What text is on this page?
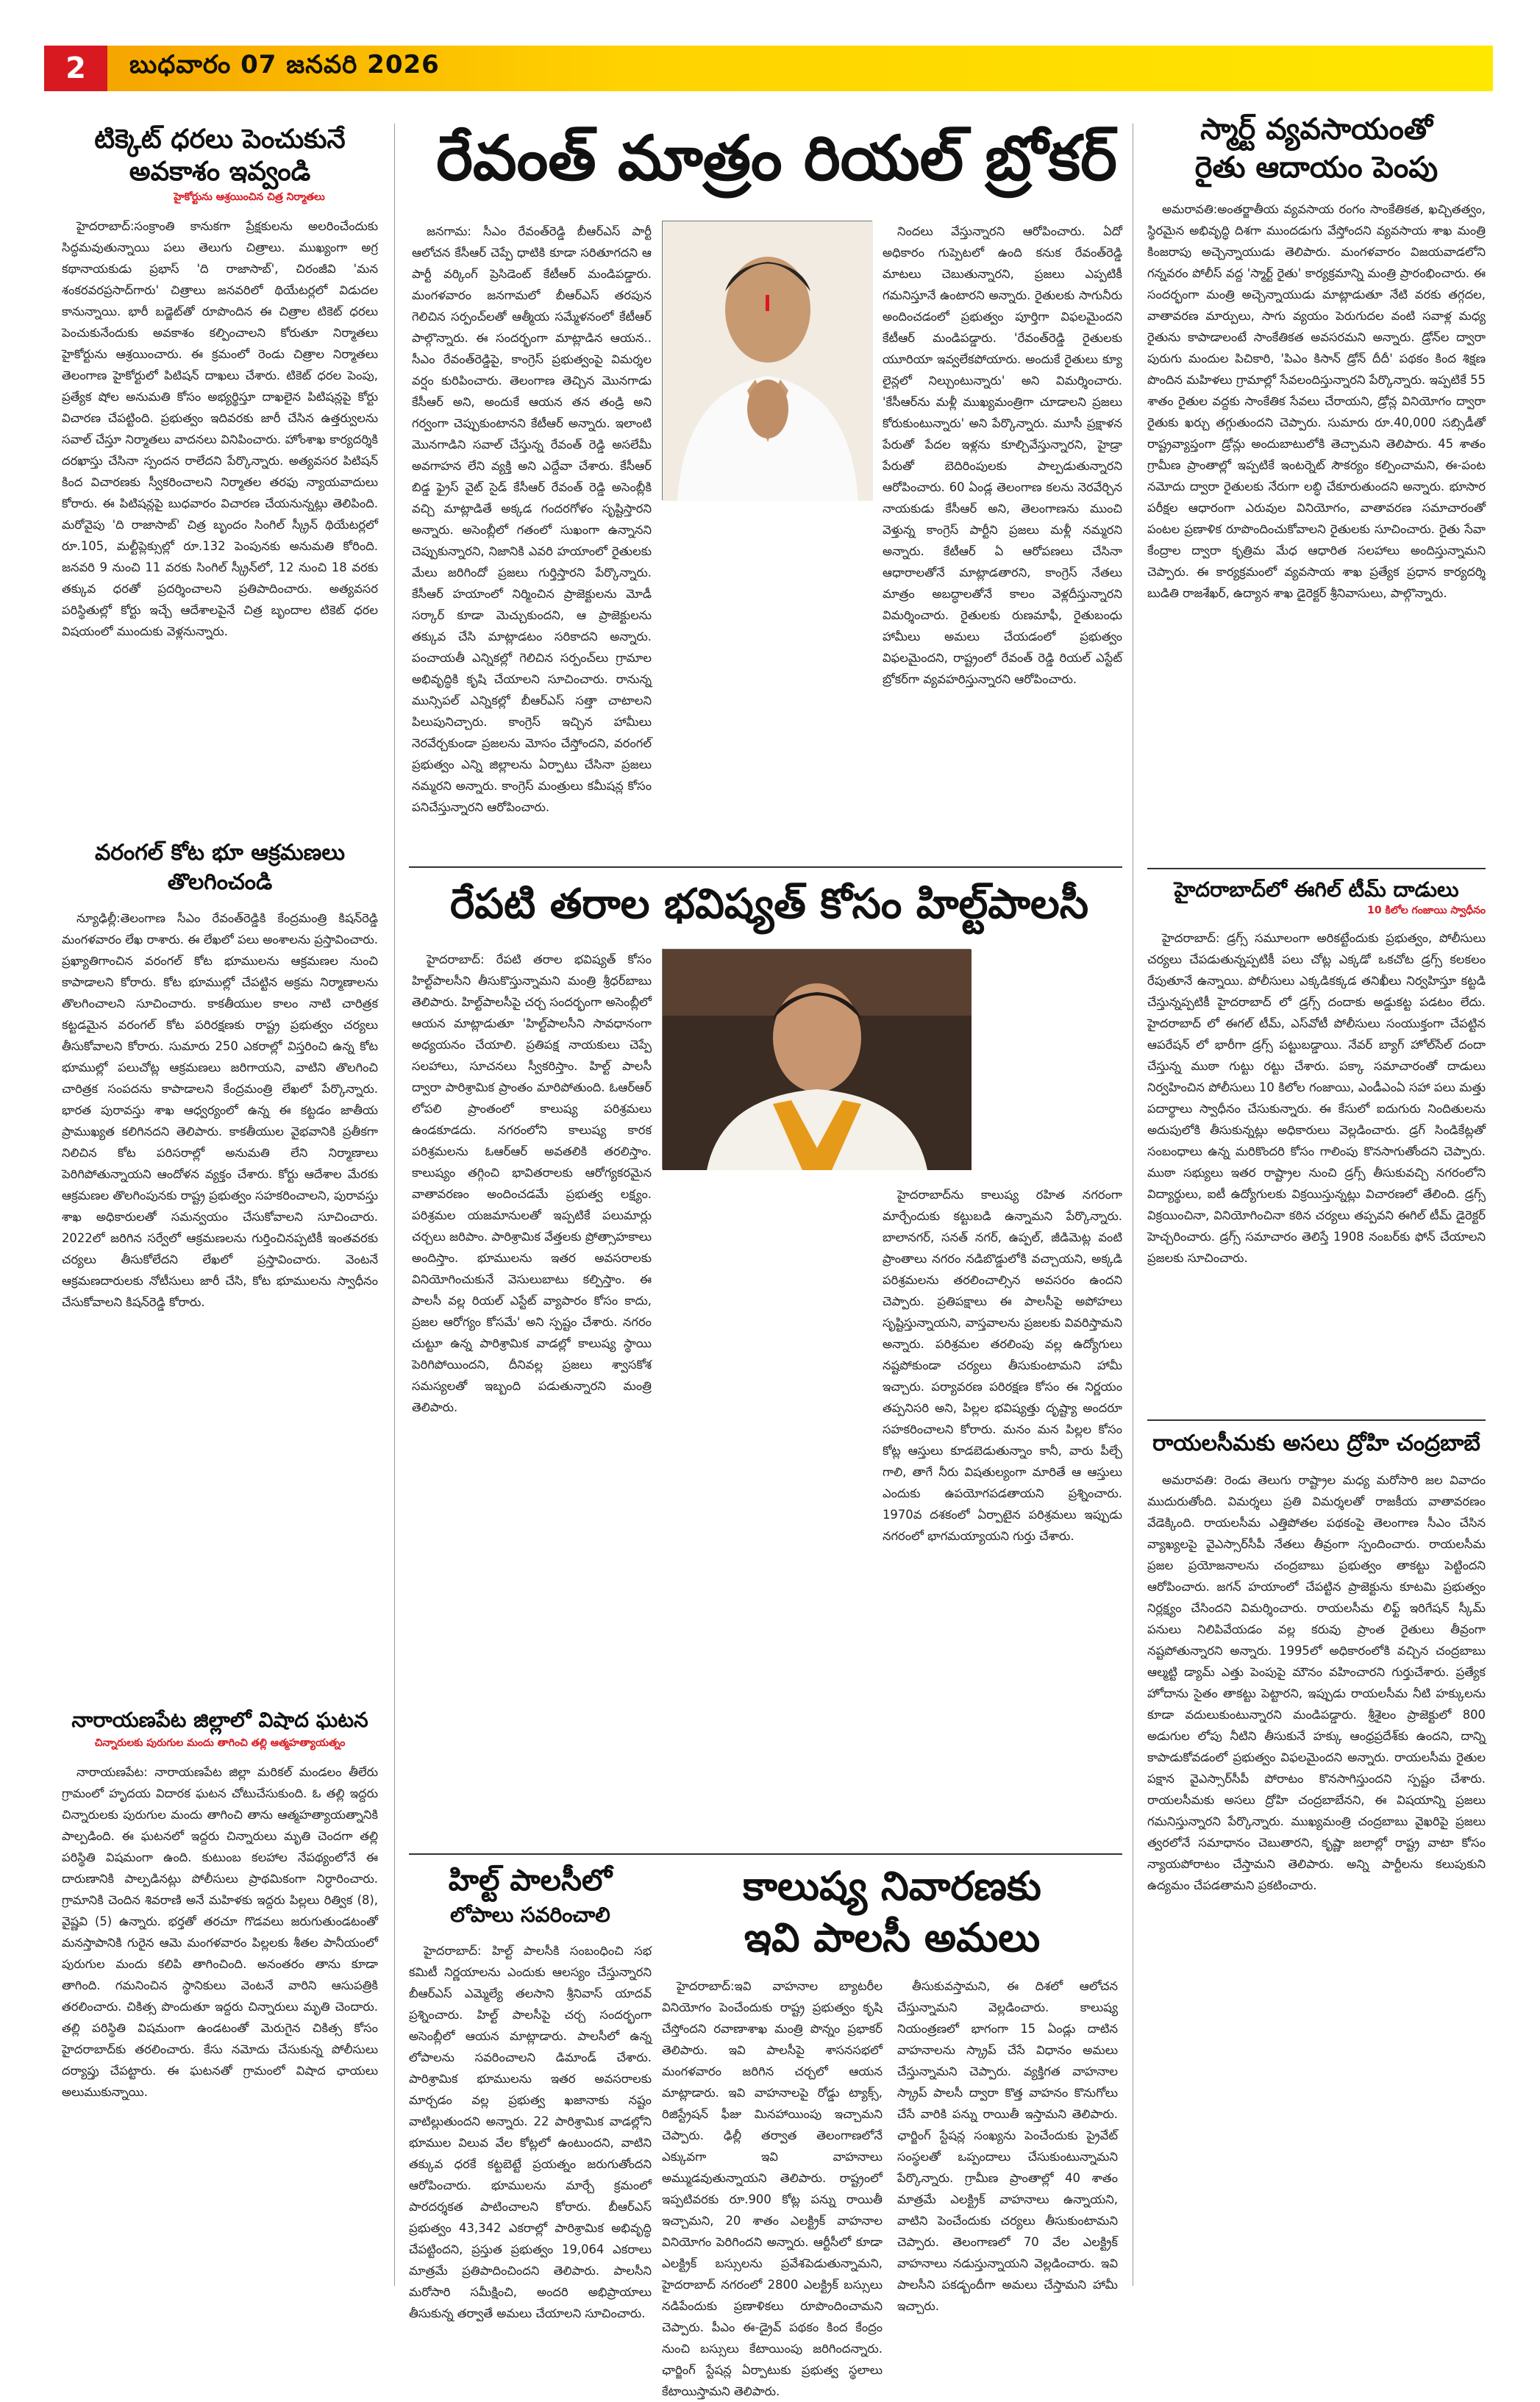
2	బుధవారం 07 జనవరి 2026
టిక్కెట్ ధరలు పెంచుకునే
అవకాశం ఇవ్వండి
హైకోర్టును ఆశ్రయించిన చిత్ర నిర్మాతలు

హైదరాబాద్:సంక్రాంతి కానుకగా ప్రేక్షకులను అలరించేందుకు సిద్ధమవుతున్నాయి పలు తెలుగు చిత్రాలు. ముఖ్యంగా అగ్ర కథానాయకుడు ప్రభాస్ 'ది రాజాసాబ్', చిరంజీవి 'మన శంకరవరప్రసాద్‌గారు' చిత్రాలు జనవరిలో థియేటర్లలో విడుదల కానున్నాయి. భారీ బడ్జెట్‌తో రూపొందిన ఈ చిత్రాల టికెట్ ధరలు పెంచుకునేందుకు అవకాశం కల్పించాలని కోరుతూ నిర్మాతలు హైకోర్టును ఆశ్రయించారు. ఈ క్రమంలో రెండు చిత్రాల నిర్మాతలు తెలంగాణ హైకోర్టులో పిటిషన్ దాఖలు చేశారు. టికెట్ ధరల పెంపు, ప్రత్యేక షోల అనుమతి కోసం అభ్యర్థిస్తూ దాఖలైన పిటిషన్లపై కోర్టు విచారణ చేపట్టింది. ప్రభుత్వం ఇదివరకు జారీ చేసిన ఉత్తర్వులను సవాల్ చేస్తూ నిర్మాతలు వాదనలు వినిపించారు. హోంశాఖ కార్యదర్శికి దరఖాస్తు చేసినా స్పందన రాలేదని పేర్కొన్నారు. అత్యవసర పిటిషన్ కింద విచారణకు స్వీకరించాలని నిర్మాతల తరఫు న్యాయవాదులు కోరారు. ఈ పిటిషన్లపై బుధవారం విచారణ చేయనున్నట్లు తెలిపింది. మరోవైపు 'ది రాజాసాబ్' చిత్ర బృందం సింగిల్ స్క్రీన్ థియేటర్లలో రూ.105, మల్టీప్లెక్సుల్లో రూ.132 పెంపునకు అనుమతి కోరింది. జనవరి 9 నుంచి 11 వరకు సింగిల్ స్క్రీన్‌లో, 12 నుంచి 18 వరకు తక్కువ ధరతో ప్రదర్శించాలని ప్రతిపాదించారు. అత్యవసర పరిస్థితుల్లో కోర్టు ఇచ్చే ఆదేశాలపైనే చిత్ర బృందాల టికెట్ ధరల విషయంలో ముందుకు వెళ్లనున్నారు.

వరంగల్ కోట భూ ఆక్రమణలు
తొలగించండి

న్యూఢిల్లీ:తెలంగాణ సీఎం రేవంత్‌రెడ్డికి కేంద్రమంత్రి కిషన్‌రెడ్డి మంగళవారం లేఖ రాశారు. ఈ లేఖలో పలు అంశాలను ప్రస్తావించారు. ప్రఖ్యాతిగాంచిన వరంగల్ కోట భూములను ఆక్రమణల నుంచి కాపాడాలని కోరారు. కోట భూముల్లో చేపట్టిన అక్రమ నిర్మాణాలను తొలగించాలని సూచించారు. కాకతీయుల కాలం నాటి చారిత్రక కట్టడమైన వరంగల్ కోట పరిరక్షణకు రాష్ట్ర ప్రభుత్వం చర్యలు తీసుకోవాలని కోరారు. సుమారు 250 ఎకరాల్లో విస్తరించి ఉన్న కోట భూముల్లో పలుచోట్ల ఆక్రమణలు జరిగాయని, వాటిని తొలగించి చారిత్రక సంపదను కాపాడాలని కేంద్రమంత్రి లేఖలో పేర్కొన్నారు. భారత పురావస్తు శాఖ ఆధ్వర్యంలో ఉన్న ఈ కట్టడం జాతీయ ప్రాముఖ్యత కలిగినదని తెలిపారు. కాకతీయుల వైభవానికి ప్రతీకగా నిలిచిన కోట పరిసరాల్లో అనుమతి లేని నిర్మాణాలు పెరిగిపోతున్నాయని ఆందోళన వ్యక్తం చేశారు. కోర్టు ఆదేశాల మేరకు ఆక్రమణల తొలగింపునకు రాష్ట్ర ప్రభుత్వం సహకరించాలని, పురావస్తు శాఖ అధికారులతో సమన్వయం చేసుకోవాలని సూచించారు. 2022లో జరిగిన సర్వేలో ఆక్రమణలను గుర్తించినప్పటికీ ఇంతవరకు చర్యలు తీసుకోలేదని లేఖలో ప్రస్తావించారు. వెంటనే ఆక్రమణదారులకు నోటీసులు జారీ చేసి, కోట భూములను స్వాధీనం చేసుకోవాలని కిషన్‌రెడ్డి కోరారు.

నారాయణపేట జిల్లాలో విషాద ఘటన
చిన్నారులకు పురుగుల మందు తాగించి తల్లి ఆత్మహత్యాయత్నం

నారాయణపేట: నారాయణపేట జిల్లా మరికల్ మండలం తీలేరు గ్రామంలో హృదయ విదారక ఘటన చోటుచేసుకుంది. ఓ తల్లి ఇద్దరు చిన్నారులకు పురుగుల మందు తాగించి తాను ఆత్మహత్యాయత్నానికి పాల్పడింది. ఈ ఘటనలో ఇద్దరు చిన్నారులు మృతి చెందగా తల్లి పరిస్థితి విషమంగా ఉంది. కుటుంబ కలహాల నేపథ్యంలోనే ఈ దారుణానికి పాల్పడినట్లు పోలీసులు ప్రాథమికంగా నిర్ధారించారు. గ్రామానికి చెందిన శివరాణి అనే మహిళకు ఇద్దరు పిల్లలు రిత్విక (8), వైష్ణవి (5) ఉన్నారు. భర్తతో తరచూ గొడవలు జరుగుతుండటంతో మనస్తాపానికి గురైన ఆమె మంగళవారం పిల్లలకు శీతల పానీయంలో పురుగుల మందు కలిపి తాగించింది. అనంతరం తాను కూడా తాగింది. గమనించిన స్థానికులు వెంటనే వారిని ఆసుపత్రికి తరలించారు. చికిత్స పొందుతూ ఇద్దరు చిన్నారులు మృతి చెందారు. తల్లి పరిస్థితి విషమంగా ఉండటంతో మెరుగైన చికిత్స కోసం హైదరాబాద్‌కు తరలించారు. కేసు నమోదు చేసుకున్న పోలీసులు దర్యాప్తు చేపట్టారు. ఈ ఘటనతో గ్రామంలో విషాద ఛాయలు అలుముకున్నాయి.

రేవంత్ మాత్రం రియల్ బ్రోకర్

జనగామ: సీఎం రేవంత్‌రెడ్డి బీఆర్ఎస్ పార్టీ ఆలోచన కేసీఆర్ చెప్పే ధాటికి కూడా సరితూగదని ఆ పార్టీ వర్కింగ్ ప్రెసిడెంట్ కేటీఆర్ మండిపడ్డారు. మంగళవారం జనగామలో బీఆర్ఎస్ తరపున గెలిచిన సర్పంచ్‌లతో ఆత్మీయ సమ్మేళనంలో కేటీఆర్ పాల్గొన్నారు. ఈ సందర్భంగా మాట్లాడిన ఆయన.. సీఎం రేవంత్‌రెడ్డిపై, కాంగ్రెస్ ప్రభుత్వంపై విమర్శల వర్షం కురిపించారు. తెలంగాణ తెచ్చిన మొనగాడు కేసీఆర్ అని, అందుకే ఆయన తన తండ్రి అని గర్వంగా చెప్పుకుంటానని కేటీఆర్ అన్నారు. ఇలాంటి మొనగాడిని సవాల్ చేస్తున్న రేవంత్ రెడ్డి అసలేమీ అవగాహన లేని వ్యక్తి అని ఎద్దేవా చేశారు. కేసీఆర్ బిడ్డ ఫ్రైస్ వైట్ సైడ్ కేసీఆర్ రేవంత్ రెడ్డి అసెంబ్లీకి వచ్చి మాట్లాడితే అక్కడ గందరగోళం సృష్టిస్తారని అన్నారు. అసెంబ్లీలో గతంలో సుఖంగా ఉన్నానని చెప్పుకున్నారని, నిజానికి ఎవరి హయాంలో రైతులకు మేలు జరిగిందో ప్రజలు గుర్తిస్తారని పేర్కొన్నారు. కేసీఆర్ హయాంలో నిర్మించిన ప్రాజెక్టులను మోడీ సర్కార్ కూడా మెచ్చుకుందని, ఆ ప్రాజెక్టులను తక్కువ చేసి మాట్లాడటం సరికాదని అన్నారు. పంచాయతీ ఎన్నికల్లో గెలిచిన సర్పంచ్‌లు గ్రామాల అభివృద్ధికి కృషి చేయాలని సూచించారు. రానున్న మున్సిపల్ ఎన్నికల్లో బీఆర్ఎస్ సత్తా చాటాలని పిలుపునిచ్చారు. కాంగ్రెస్ ఇచ్చిన హామీలు నెరవేర్చకుండా ప్రజలను మోసం చేస్తోందని, వరంగల్ ప్రభుత్వం ఎన్ని జిల్లాలను ఏర్పాటు చేసినా ప్రజలు నమ్మరని అన్నారు. కాంగ్రెస్ మంత్రులు కమీషన్ల కోసం పనిచేస్తున్నారని ఆరోపించారు.

నిందలు వేస్తున్నారని ఆరోపించారు. ఏదో అధికారం గుప్పెటలో ఉంది కనుక రేవంత్‌రెడ్డి మాటలు చెబుతున్నారని, ప్రజలు ఎప్పటికీ గమనిస్తూనే ఉంటారని అన్నారు. రైతులకు సాగునీరు అందించడంలో ప్రభుత్వం పూర్తిగా విఫలమైందని కేటీఆర్ మండిపడ్డారు. 'రేవంత్‌రెడ్డి రైతులకు యూరియా ఇవ్వలేకపోయారు. అందుకే రైతులు క్యూ లైన్లలో నిల్చుంటున్నారు' అని విమర్శించారు. 'కేసీఆర్‌ను మళ్లీ ముఖ్యమంత్రిగా చూడాలని ప్రజలు కోరుకుంటున్నారు' అని పేర్కొన్నారు. మూసీ ప్రక్షాళన పేరుతో పేదల ఇళ్లను కూల్చివేస్తున్నారని, హైడ్రా పేరుతో బెదిరింపులకు పాల్పడుతున్నారని ఆరోపించారు. 60 ఏండ్ల తెలంగాణ కలను నెరవేర్చిన నాయకుడు కేసీఆర్ అని, తెలంగాణను ముంచి వెళ్తున్న కాంగ్రెస్ పార్టీని ప్రజలు మళ్లీ నమ్మరని అన్నారు. కేటీఆర్ ఏ ఆరోపణలు చేసినా ఆధారాలతోనే మాట్లాడతారని, కాంగ్రెస్ నేతలు మాత్రం అబద్ధాలతోనే కాలం వెళ్లదీస్తున్నారని విమర్శించారు. రైతులకు రుణమాఫీ, రైతుబంధు హామీలు అమలు చేయడంలో ప్రభుత్వం విఫలమైందని, రాష్ట్రంలో రేవంత్ రెడ్డి రియల్ ఎస్టేట్ బ్రోకర్‌గా వ్యవహరిస్తున్నారని ఆరోపించారు.

రేపటి తరాల భవిష్యత్ కోసం హిల్ట్‌పాలసీ

హైదరాబాద్: రేపటి తరాల భవిష్యత్ కోసం హిల్ట్‌పాలసీని తీసుకొస్తున్నామని మంత్రి శ్రీధర్‌బాబు తెలిపారు. హిల్ట్‌పాలసీపై చర్చ సందర్భంగా అసెంబ్లీలో ఆయన మాట్లాడుతూ 'హిల్ట్‌పాలసీని సావధానంగా అధ్యయనం చేయాలి. ప్రతిపక్ష నాయకులు చెప్పే సలహాలు, సూచనలు స్వీకరిస్తాం. హిల్ట్ పాలసీ ద్వారా పారిశ్రామిక ప్రాంతం మారిపోతుంది. ఓఆర్‌ఆర్ లోపలి ప్రాంతంలో కాలుష్య పరిశ్రమలు ఉండకూడదు. నగరంలోని కాలుష్య కారక పరిశ్రమలను ఓఆర్‌ఆర్ అవతలికి తరలిస్తాం. కాలుష్యం తగ్గించి భావితరాలకు ఆరోగ్యకరమైన వాతావరణం అందించడమే ప్రభుత్వ లక్ష్యం. పరిశ్రమల యజమానులతో ఇప్పటికే పలుమార్లు చర్చలు జరిపాం. పారిశ్రామిక వేత్తలకు ప్రోత్సాహకాలు అందిస్తాం. భూములను ఇతర అవసరాలకు వినియోగించుకునే వెసులుబాటు కల్పిస్తాం. ఈ పాలసీ వల్ల రియల్ ఎస్టేట్ వ్యాపారం కోసం కాదు, ప్రజల ఆరోగ్యం కోసమే' అని స్పష్టం చేశారు. నగరం చుట్టూ ఉన్న పారిశ్రామిక వాడల్లో కాలుష్య స్థాయి పెరిగిపోయిందని, దీనివల్ల ప్రజలు శ్వాసకోశ సమస్యలతో ఇబ్బంది పడుతున్నారని మంత్రి తెలిపారు.

హైదరాబాద్‌ను కాలుష్య రహిత నగరంగా మార్చేందుకు కట్టుబడి ఉన్నామని పేర్కొన్నారు. బాలానగర్, సనత్ నగర్, ఉప్పల్, జీడిమెట్ల వంటి ప్రాంతాలు నగరం నడిబొడ్డులోకి వచ్చాయని, అక్కడి పరిశ్రమలను తరలించాల్సిన అవసరం ఉందని చెప్పారు. ప్రతిపక్షాలు ఈ పాలసీపై అపోహలు సృష్టిస్తున్నాయని, వాస్తవాలను ప్రజలకు వివరిస్తామని అన్నారు. పరిశ్రమల తరలింపు వల్ల ఉద్యోగులు నష్టపోకుండా చర్యలు తీసుకుంటామని హామీ ఇచ్చారు. పర్యావరణ పరిరక్షణ కోసం ఈ నిర్ణయం తప్పనిసరి అని, పిల్లల భవిష్యత్తు దృష్ట్యా అందరూ సహకరించాలని కోరారు. మనం మన పిల్లల కోసం కోట్ల ఆస్తులు కూడబెడుతున్నాం కానీ, వారు పీల్చే గాలి, తాగే నీరు విషతుల్యంగా మారితే ఆ ఆస్తులు ఎందుకు ఉపయోగపడతాయని ప్రశ్నించారు. 1970వ దశకంలో ఏర్పాటైన పరిశ్రమలు ఇప్పుడు నగరంలో భాగమయ్యాయని గుర్తు చేశారు.

హిల్ట్ పాలసీలో
లోపాలు సవరించాలి

హైదరాబాద్: హిల్ట్ పాలసీకి సంబంధించి సభ కమిటీ నిర్ణయాలను ఎందుకు ఆలస్యం చేస్తున్నారని బీఆర్ఎస్ ఎమ్మెల్యే తలసాని శ్రీనివాస్ యాదవ్ ప్రశ్నించారు. హిల్ట్ పాలసీపై చర్చ సందర్భంగా అసెంబ్లీలో ఆయన మాట్లాడారు. పాలసీలో ఉన్న లోపాలను సవరించాలని డిమాండ్ చేశారు. పారిశ్రామిక భూములను ఇతర అవసరాలకు మార్చడం వల్ల ప్రభుత్వ ఖజానాకు నష్టం వాటిల్లుతుందని అన్నారు. 22 పారిశ్రామిక వాడల్లోని భూముల విలువ వేల కోట్లలో ఉంటుందని, వాటిని తక్కువ ధరకే కట్టబెట్టే ప్రయత్నం జరుగుతోందని ఆరోపించారు. భూములను మార్చే క్రమంలో పారదర్శకత పాటించాలని కోరారు. బీఆర్ఎస్ ప్రభుత్వం 43,342 ఎకరాల్లో పారిశ్రామిక అభివృద్ధి చేపట్టిందని, ప్రస్తుత ప్రభుత్వం 19,064 ఎకరాలు మాత్రమే ప్రతిపాదించిందని తెలిపారు. పాలసీని మరోసారి సమీక్షించి, అందరి అభిప్రాయాలు తీసుకున్న తర్వాతే అమలు చేయాలని సూచించారు.

కాలుష్య నివారణకు
ఇవి పాలసీ అమలు

హైదరాబాద్:ఇవి వాహనాల బ్యాటరీల వినియోగం పెంచేందుకు రాష్ట్ర ప్రభుత్వం కృషి చేస్తోందని రవాణాశాఖ మంత్రి పొన్నం ప్రభాకర్ తెలిపారు. ఇవి పాలసీపై శాసనసభలో మంగళవారం జరిగిన చర్చలో ఆయన మాట్లాడారు. ఇవి వాహనాలపై రోడ్డు ట్యాక్స్, రిజిస్ట్రేషన్ ఫీజు మినహాయింపు ఇచ్చామని చెప్పారు. ఢిల్లీ తర్వాత తెలంగాణలోనే ఎక్కువగా ఇవి వాహనాలు అమ్ముడవుతున్నాయని తెలిపారు. రాష్ట్రంలో ఇప్పటివరకు రూ.900 కోట్ల పన్ను రాయితీ ఇచ్చామని, 20 శాతం ఎలక్ట్రిక్ వాహనాల వినియోగం పెరిగిందని అన్నారు. ఆర్టీసీలో కూడా ఎలక్ట్రిక్ బస్సులను ప్రవేశపెడుతున్నామని, హైదరాబాద్ నగరంలో 2800 ఎలక్ట్రిక్ బస్సులు నడిపేందుకు ప్రణాళికలు రూపొందించామని చెప్పారు. పీఎం ఈ-డ్రైవ్ పథకం కింద కేంద్రం నుంచి బస్సులు కేటాయింపు జరిగిందన్నారు. ఛార్జింగ్ స్టేషన్ల ఏర్పాటుకు ప్రభుత్వ స్థలాలు కేటాయిస్తామని తెలిపారు.

తీసుకువస్తామని, ఈ దిశలో ఆలోచన చేస్తున్నామని వెల్లడించారు. కాలుష్య నియంత్రణలో భాగంగా 15 ఏండ్లు దాటిన వాహనాలను స్క్రాప్ చేసే విధానం అమలు చేస్తున్నామని చెప్పారు. వ్యక్తిగత వాహనాల స్క్రాప్ పాలసీ ద్వారా కొత్త వాహనం కొనుగోలు చేసే వారికి పన్ను రాయితీ ఇస్తామని తెలిపారు. ఛార్జింగ్ స్టేషన్ల సంఖ్యను పెంచేందుకు ప్రైవేట్ సంస్థలతో ఒప్పందాలు చేసుకుంటున్నామని పేర్కొన్నారు. గ్రామీణ ప్రాంతాల్లో 40 శాతం మాత్రమే ఎలక్ట్రిక్ వాహనాలు ఉన్నాయని, వాటిని పెంచేందుకు చర్యలు తీసుకుంటామని చెప్పారు. తెలంగాణలో 70 వేల ఎలక్ట్రిక్ వాహనాలు నడుస్తున్నాయని వెల్లడించారు. ఇవి పాలసీని పకడ్బందీగా అమలు చేస్తామని హామీ ఇచ్చారు.

స్మార్ట్ వ్యవసాయంతో
రైతు ఆదాయం పెంపు

అమరావతి:అంతర్జాతీయ వ్యవసాయ రంగం సాంకేతికత, ఖచ్చితత్వం, స్థిరమైన అభివృద్ధి దిశగా ముందడుగు వేస్తోందని వ్యవసాయ శాఖ మంత్రి కింజరాపు అచ్చెన్నాయుడు తెలిపారు. మంగళవారం విజయవాడలోని గన్నవరం పోలీస్ వద్ద 'స్మార్ట్ రైతు' కార్యక్రమాన్ని మంత్రి ప్రారంభించారు. ఈ సందర్భంగా మంత్రి అచ్చెన్నాయుడు మాట్లాడుతూ నేటి వరకు తగ్గదల, వాతావరణ మార్పులు, సాగు వ్యయం పెరుగుదల వంటి సవాళ్ల మధ్య రైతును కాపాడాలంటే సాంకేతికత అవసరమని అన్నారు. డ్రోన్‌ల ద్వారా పురుగు మందుల పిచికారి, 'పిఎం కిసాన్ డ్రోన్ దీదీ' పథకం కింద శిక్షణ పొందిన మహిళలు గ్రామాల్లో సేవలందిస్తున్నారని పేర్కొన్నారు. ఇప్పటికే 55 శాతం రైతుల వద్దకు సాంకేతిక సేవలు చేరాయని, డ్రోన్ల వినియోగం ద్వారా రైతుకు ఖర్చు తగ్గుతుందని చెప్పారు. సుమారు రూ.40,000 సబ్సిడీతో రాష్ట్రవ్యాప్తంగా డ్రోన్లు అందుబాటులోకి తెచ్చామని తెలిపారు. 45 శాతం గ్రామీణ ప్రాంతాల్లో ఇప్పటికే ఇంటర్నెట్ సౌకర్యం కల్పించామని, ఈ-పంట నమోదు ద్వారా రైతులకు నేరుగా లబ్ధి చేకూరుతుందని అన్నారు. భూసార పరీక్షల ఆధారంగా ఎరువుల వినియోగం, వాతావరణ సమాచారంతో పంటల ప్రణాళిక రూపొందించుకోవాలని రైతులకు సూచించారు. రైతు సేవా కేంద్రాల ద్వారా కృత్రిమ మేధ ఆధారిత సలహాలు అందిస్తున్నామని చెప్పారు. ఈ కార్యక్రమంలో వ్యవసాయ శాఖ ప్రత్యేక ప్రధాన కార్యదర్శి బుడితి రాజశేఖర్, ఉద్యాన శాఖ డైరెక్టర్ శ్రీనివాసులు, పాల్గొన్నారు.

హైదరాబాద్‌లో ఈగిల్ టీమ్ దాడులు
10 కిలోల గంజాయి స్వాధీనం

హైదరాబాద్: డ్రగ్స్ సమూలంగా అరికట్టేందుకు ప్రభుత్వం, పోలీసులు చర్యలు చేపడుతున్నప్పటికీ పలు చోట్ల ఎక్కడో ఒకచోట డ్రగ్స్ కలకలం రేపుతూనే ఉన్నాయి. పోలీసులు ఎక్కడికక్కడ తనిఖీలు నిర్వహిస్తూ కట్టడి చేస్తున్నప్పటికీ హైదరాబాద్ లో డ్రగ్స్ దందాకు అడ్డుకట్ట పడటం లేదు. హైదరాబాద్ లో ఈగల్ టీమ్, ఎస్‌వోటీ పోలీసులు సంయుక్తంగా చేపట్టిన ఆపరేషన్ లో భారీగా డ్రగ్స్ పట్టుబడ్డాయి. నేవర్ బ్యాగ్ హోల్‌సేల్ దందా చేస్తున్న ముఠా గుట్టు రట్టు చేశారు. పక్కా సమాచారంతో దాడులు నిర్వహించిన పోలీసులు 10 కిలోల గంజాయి, ఎండీఎంఏ సహా పలు మత్తు పదార్థాలు స్వాధీనం చేసుకున్నారు. ఈ కేసులో ఐదుగురు నిందితులను అదుపులోకి తీసుకున్నట్లు అధికారులు వెల్లడించారు. డ్రగ్ సిండికేట్లతో సంబంధాలు ఉన్న మరికొందరి కోసం గాలింపు కొనసాగుతోందని చెప్పారు. ముఠా సభ్యులు ఇతర రాష్ట్రాల నుంచి డ్రగ్స్ తీసుకువచ్చి నగరంలోని విద్యార్థులు, ఐటీ ఉద్యోగులకు విక్రయిస్తున్నట్లు విచారణలో తేలింది. డ్రగ్స్ విక్రయించినా, వినియోగించినా కఠిన చర్యలు తప్పవని ఈగిల్ టీమ్ డైరెక్టర్ హెచ్చరించారు. డ్రగ్స్ సమాచారం తెలిస్తే 1908 నంబర్‌కు ఫోన్ చేయాలని ప్రజలకు సూచించారు.

రాయలసీమకు అసలు ద్రోహి చంద్రబాబే

అమరావతి: రెండు తెలుగు రాష్ట్రాల మధ్య మరోసారి జల వివాదం ముదురుతోంది. విమర్శలు ప్రతి విమర్శలతో రాజకీయ వాతావరణం వేడెక్కింది. రాయలసీమ ఎత్తిపోతల పథకంపై తెలంగాణ సీఎం చేసిన వ్యాఖ్యలపై వైఎస్సార్‌సీపీ నేతలు తీవ్రంగా స్పందించారు. రాయలసీమ ప్రజల ప్రయోజనాలను చంద్రబాబు ప్రభుత్వం తాకట్టు పెట్టిందని ఆరోపించారు. జగన్ హయాంలో చేపట్టిన ప్రాజెక్టును కూటమి ప్రభుత్వం నిర్లక్ష్యం చేసిందని విమర్శించారు. రాయలసీమ లిఫ్ట్ ఇరిగేషన్ స్కీమ్ పనులు నిలిపివేయడం వల్ల కరువు ప్రాంత రైతులు తీవ్రంగా నష్టపోతున్నారని అన్నారు. 1995లో అధికారంలోకి వచ్చిన చంద్రబాబు ఆల్మట్టి డ్యామ్ ఎత్తు పెంపుపై మౌనం వహించారని గుర్తుచేశారు. ప్రత్యేక హోదాను సైతం తాకట్టు పెట్టారని, ఇప్పుడు రాయలసీమ నీటి హక్కులను కూడా వదులుకుంటున్నారని మండిపడ్డారు. శ్రీశైలం ప్రాజెక్టులో 800 అడుగుల లోపు నీటిని తీసుకునే హక్కు ఆంధ్రప్రదేశ్‌కు ఉందని, దాన్ని కాపాడుకోవడంలో ప్రభుత్వం విఫలమైందని అన్నారు. రాయలసీమ రైతుల పక్షాన వైఎస్సార్‌సీపీ పోరాటం కొనసాగిస్తుందని స్పష్టం చేశారు. రాయలసీమకు అసలు ద్రోహి చంద్రబాబేనని, ఈ విషయాన్ని ప్రజలు గమనిస్తున్నారని పేర్కొన్నారు. ముఖ్యమంత్రి చంద్రబాబు వైఖరిపై ప్రజలు త్వరలోనే సమాధానం చెబుతారని, కృష్ణా జలాల్లో రాష్ట్ర వాటా కోసం న్యాయపోరాటం చేస్తామని తెలిపారు. అన్ని పార్టీలను కలుపుకుని ఉద్యమం చేపడతామని ప్రకటించారు.
